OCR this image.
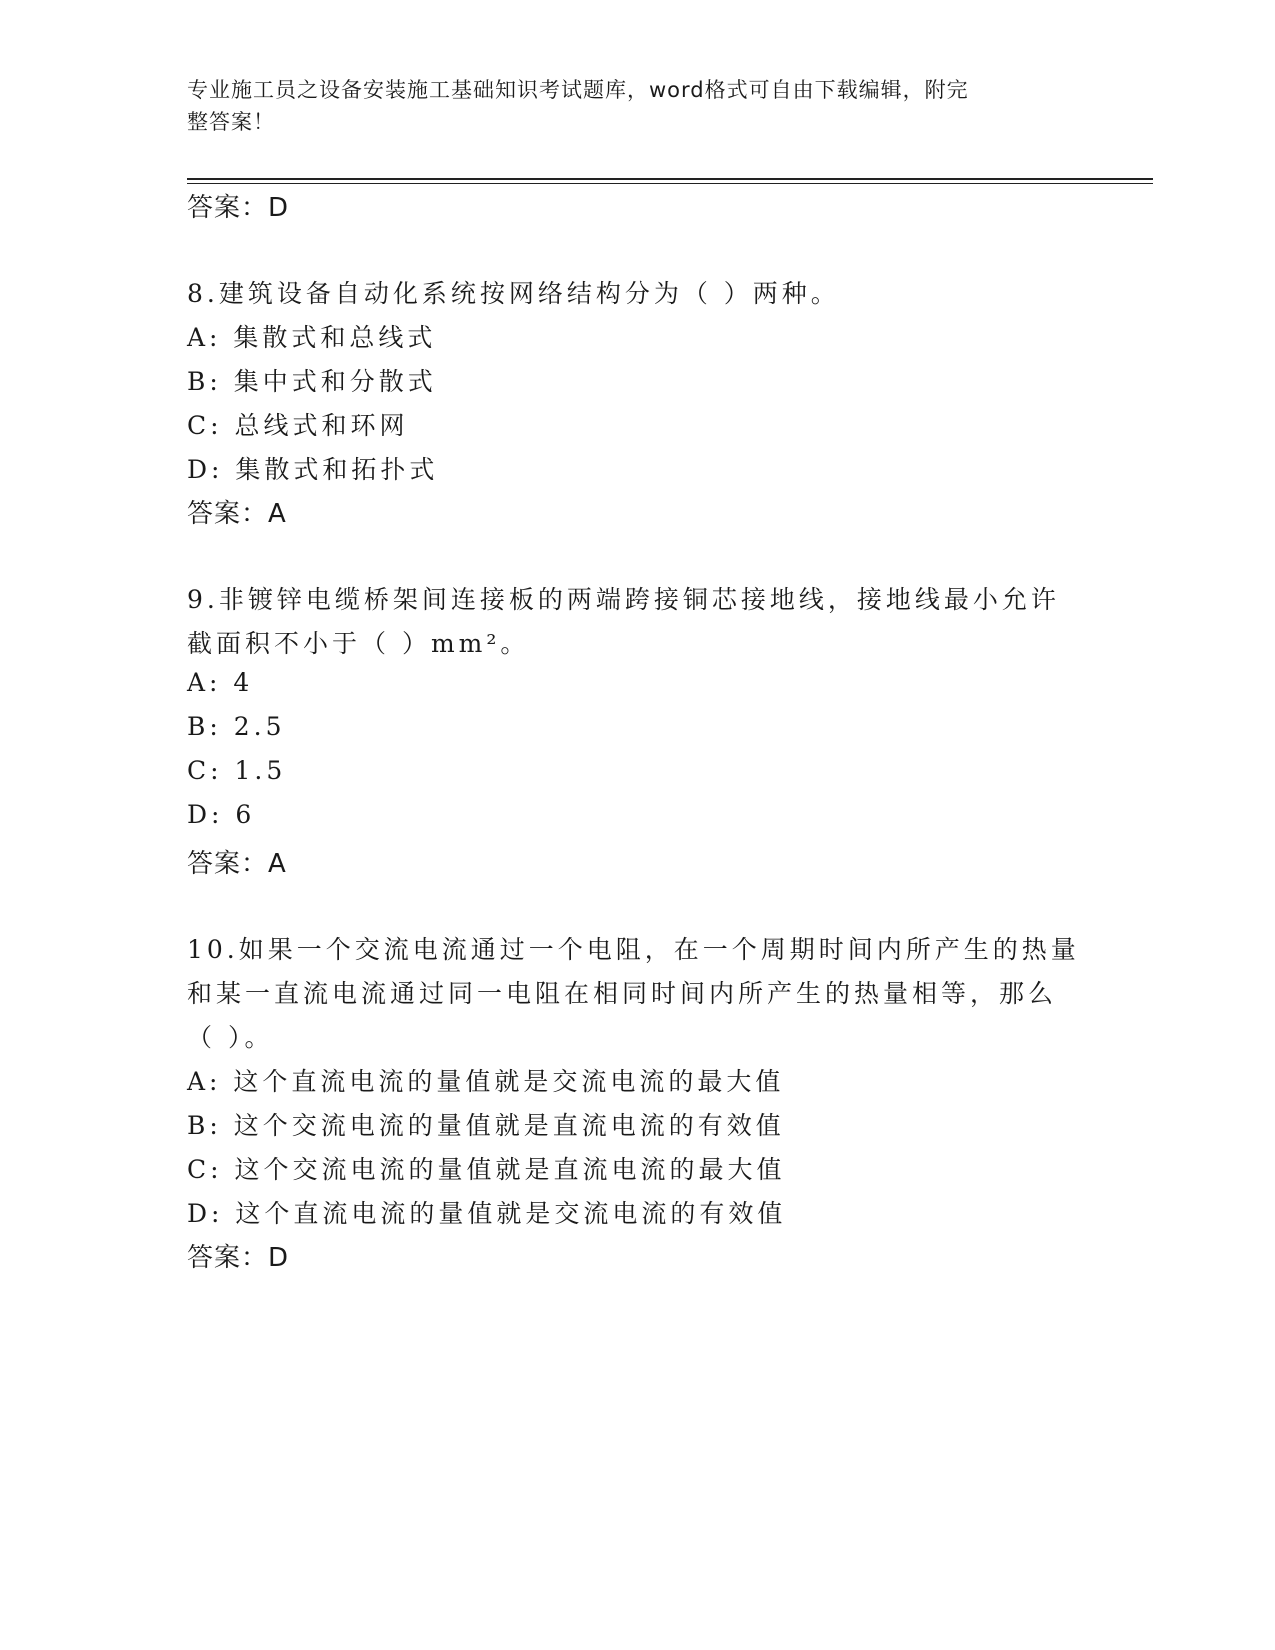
专业施工员之设备安装施工基础知识考试题库，word格式可自由下载编辑，附完
整答案！
答案：D
8.建筑设备自动化系统按网络结构分为（ ）两种。
A: 集散式和总线式
B: 集中式和分散式
C: 总线式和环网
D: 集散式和拓扑式
答案：A
9.非镀锌电缆桥架间连接板的两端跨接铜芯接地线，接地线最小允许
截面积不小于（ ）mm²。
A: 4
B: 2.5
C: 1.5
D: 6
答案：A
10.如果一个交流电流通过一个电阻，在一个周期时间内所产生的热量
和某一直流电流通过同一电阻在相同时间内所产生的热量相等，那么
（ ）。
A: 这个直流电流的量值就是交流电流的最大值
B: 这个交流电流的量值就是直流电流的有效值
C: 这个交流电流的量值就是直流电流的最大值
D: 这个直流电流的量值就是交流电流的有效值
答案：D
